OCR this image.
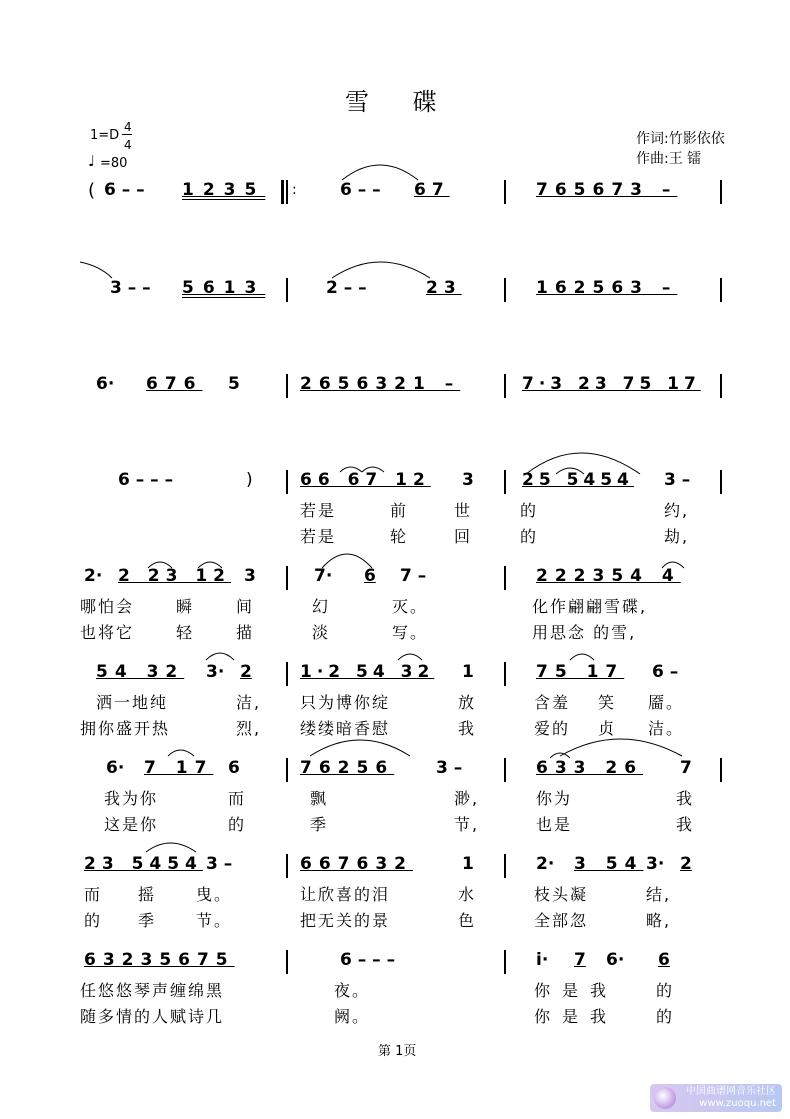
雪 碟
1=D
4
4
♩ =80
作词:竹影依依
作曲:王 镭
( 6 – – 1235 :	6 – – 67	765673 –
3 – – 5613	2 – –	23	162563 –
6· 676 5	2656321 –	7·3 23 75 17
6 – – –	)	66 67 12 3	25 5454 3 –
若是	前	世	的	约,
若是	轮	回	的	劫,
2· 2 23 12 3	7· 6 7 –	222354 4
哪怕会	瞬	间	幻	灭。	化作翩翩雪碟,
也将它	轻	描	淡	写。	用思念 的雪,
54 32 3· 2	1·2 54 32 1	75 17 6 –
洒一地纯	洁, 只为博你绽	放	含羞 笑 靥。
拥你盛开热	烈, 缕缕暗香慰	我	爱的 贞 洁。
6· 7 17 6	76256 3 –	633 26 7
我为你	而	飘	渺,	你为	我
这是你	的	季	节,	也是	我
23 5454 3 –	667632	1	2· 3 54 3· 2
而 摇 曳。	让欣喜的泪	水	枝头凝	结,
的 季 节。	把无关的景	色	全部忽	略,
63235675	6 – – –	i· 7 6· 6
任悠悠琴声缠绵黑	夜。	你是我 的
随多情的人赋诗几	阙。	你是我 的
第 1页
中国曲谱网音乐社区
www.zuoqu.net
